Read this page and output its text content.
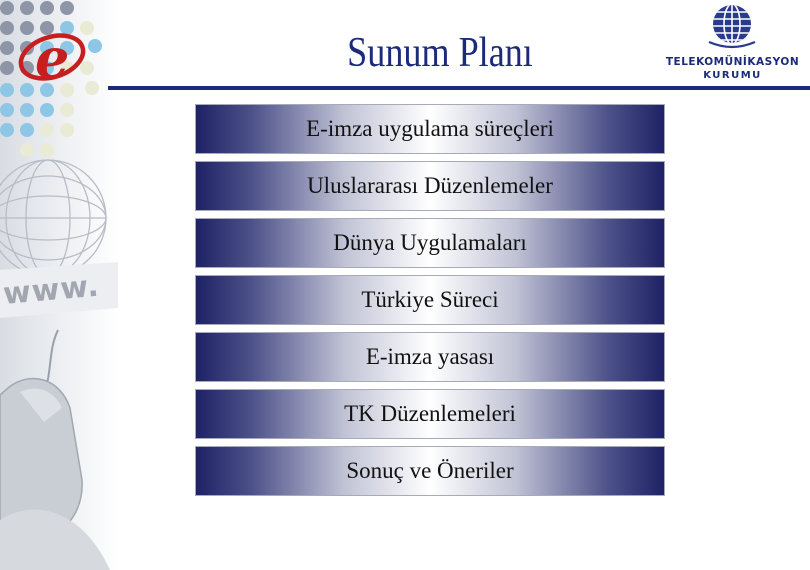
www.
e	Sunum Planı	TELEKOMÜNİKASYON
KURUMU
E-imza uygulama süreçleri
Uluslararası Düzenlemeler
Dünya Uygulamaları
Türkiye Süreci
E-imza yasası
TK Düzenlemeleri
Sonuç ve Öneriler
